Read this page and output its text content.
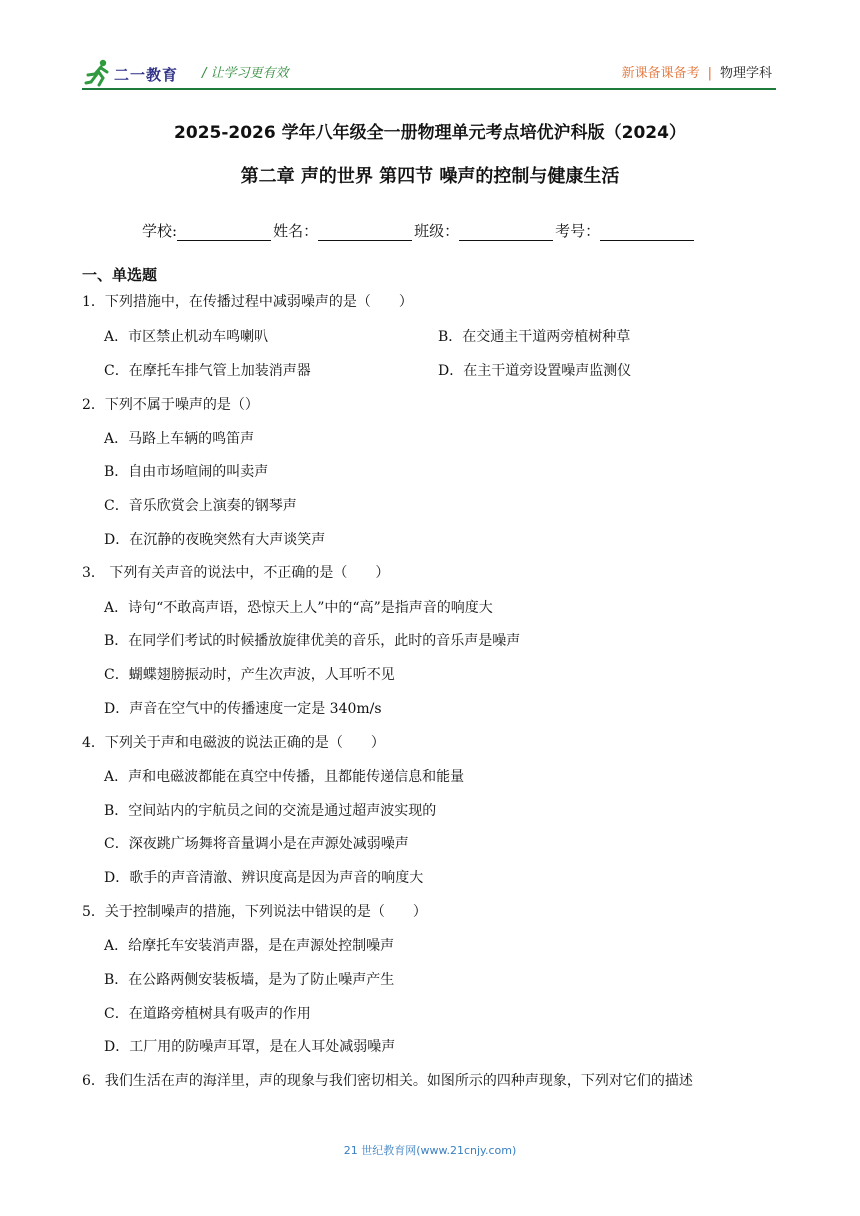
二一教育 / 让学习更有效	新课备课备考 | 物理学科
2025-2026 学年八年级全一册物理单元考点培优沪科版（2024）
第二章 声的世界 第四节 噪声的控制与健康生活
学校:	姓名：	班级：	考号：
一、单选题
1．下列措施中，在传播过程中减弱噪声的是（　　）
A．市区禁止机动车鸣喇叭	B．在交通主干道两旁植树种草
C．在摩托车排气管上加装消声器	D．在主干道旁设置噪声监测仪
2．下列不属于噪声的是（）
A．马路上车辆的鸣笛声
B．自由市场喧闹的叫卖声
C．音乐欣赏会上演奏的钢琴声
D．在沉静的夜晚突然有大声谈笑声
3． 下列有关声音的说法中，不正确的是（　　）
A．诗句“不敢高声语，恐惊天上人”中的“高”是指声音的响度大
B．在同学们考试的时候播放旋律优美的音乐，此时的音乐声是噪声
C．蝴蝶翅膀振动时，产生次声波，人耳听不见
D．声音在空气中的传播速度一定是 340m/s
4．下列关于声和电磁波的说法正确的是（　　）
A．声和电磁波都能在真空中传播，且都能传递信息和能量
B．空间站内的宇航员之间的交流是通过超声波实现的
C．深夜跳广场舞将音量调小是在声源处减弱噪声
D．歌手的声音清澈、辨识度高是因为声音的响度大
5．关于控制噪声的措施，下列说法中错误的是（　　）
A．给摩托车安装消声器，是在声源处控制噪声
B．在公路两侧安装板墙，是为了防止噪声产生
C．在道路旁植树具有吸声的作用
D．工厂用的防噪声耳罩，是在人耳处减弱噪声
6．我们生活在声的海洋里，声的现象与我们密切相关。如图所示的四种声现象，下列对它们的描述
21 世纪教育网(www.21cnjy.com)
